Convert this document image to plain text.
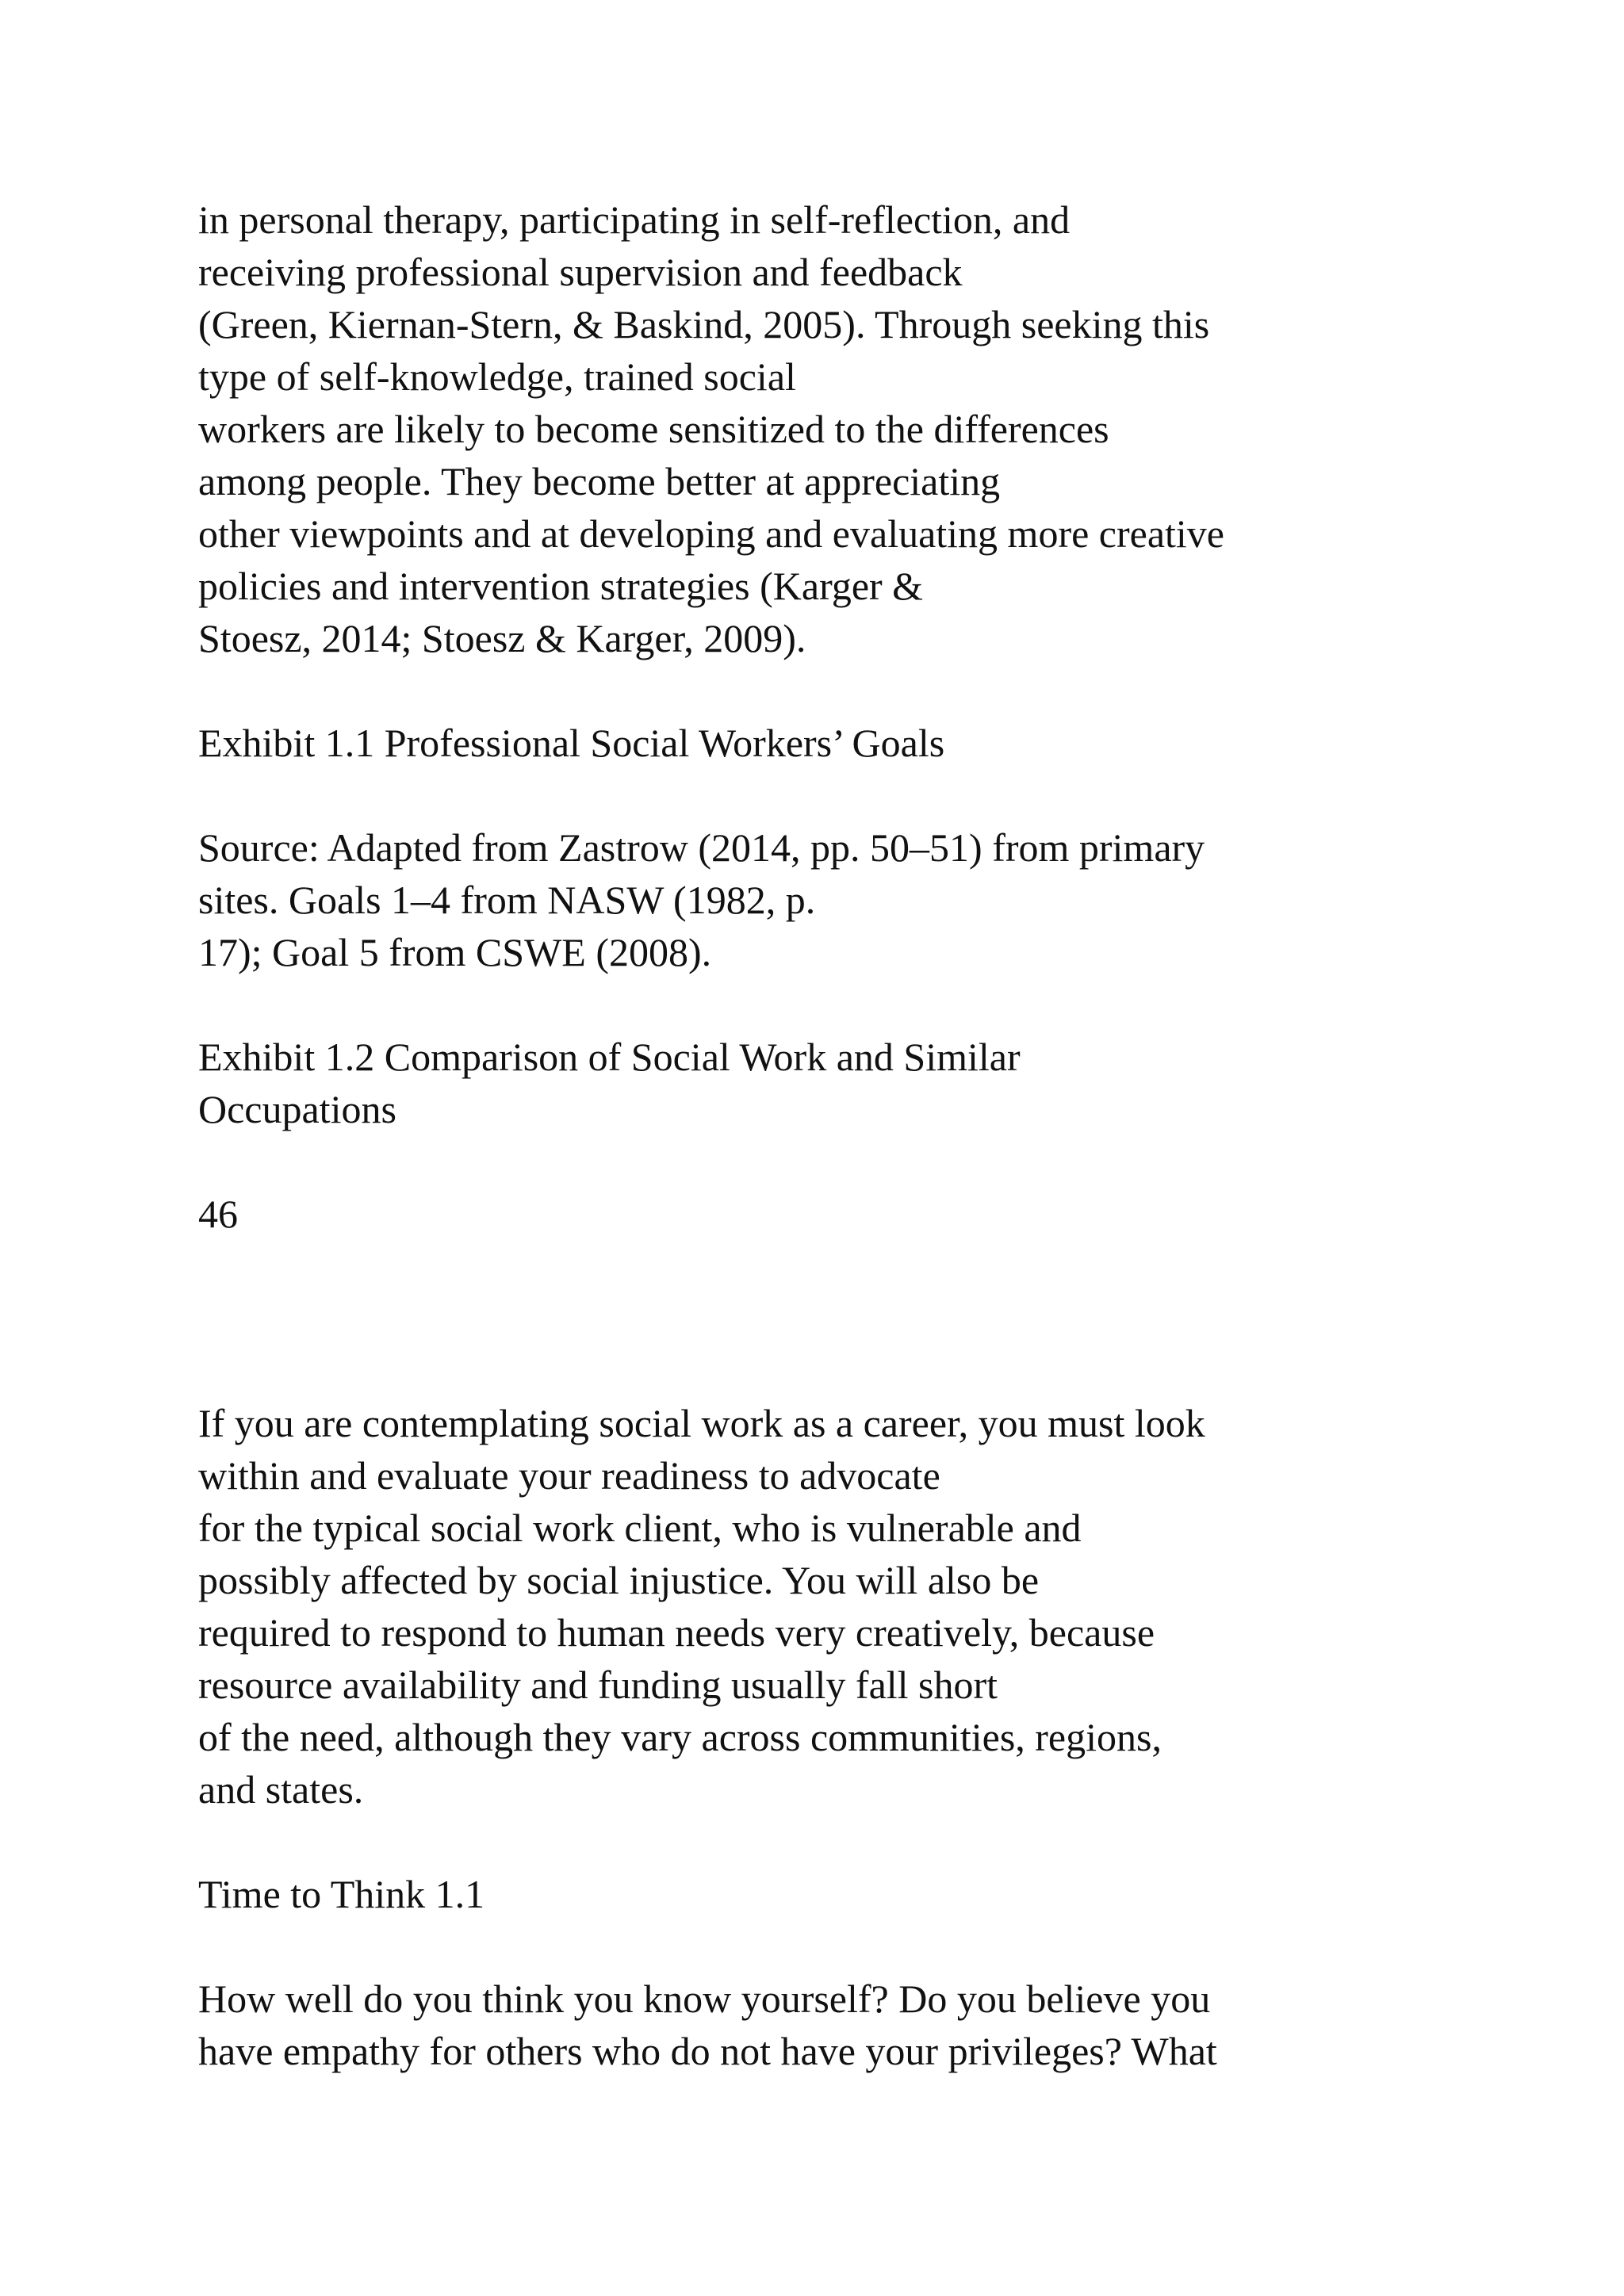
in personal therapy, participating in self-reflection, and
receiving professional supervision and feedback
(Green, Kiernan-Stern, & Baskind, 2005). Through seeking this
type of self-knowledge, trained social
workers are likely to become sensitized to the differences
among people. They become better at appreciating
other viewpoints and at developing and evaluating more creative
policies and intervention strategies (Karger &
Stoesz, 2014; Stoesz & Karger, 2009).
Exhibit 1.1 Professional Social Workers’ Goals
Source: Adapted from Zastrow (2014, pp. 50–51) from primary
sites. Goals 1–4 from NASW (1982, p.
17); Goal 5 from CSWE (2008).
Exhibit 1.2 Comparison of Social Work and Similar
Occupations
46
If you are contemplating social work as a career, you must look
within and evaluate your readiness to advocate
for the typical social work client, who is vulnerable and
possibly affected by social injustice. You will also be
required to respond to human needs very creatively, because
resource availability and funding usually fall short
of the need, although they vary across communities, regions,
and states.
Time to Think 1.1
How well do you think you know yourself? Do you believe you
have empathy for others who do not have your privileges? What
